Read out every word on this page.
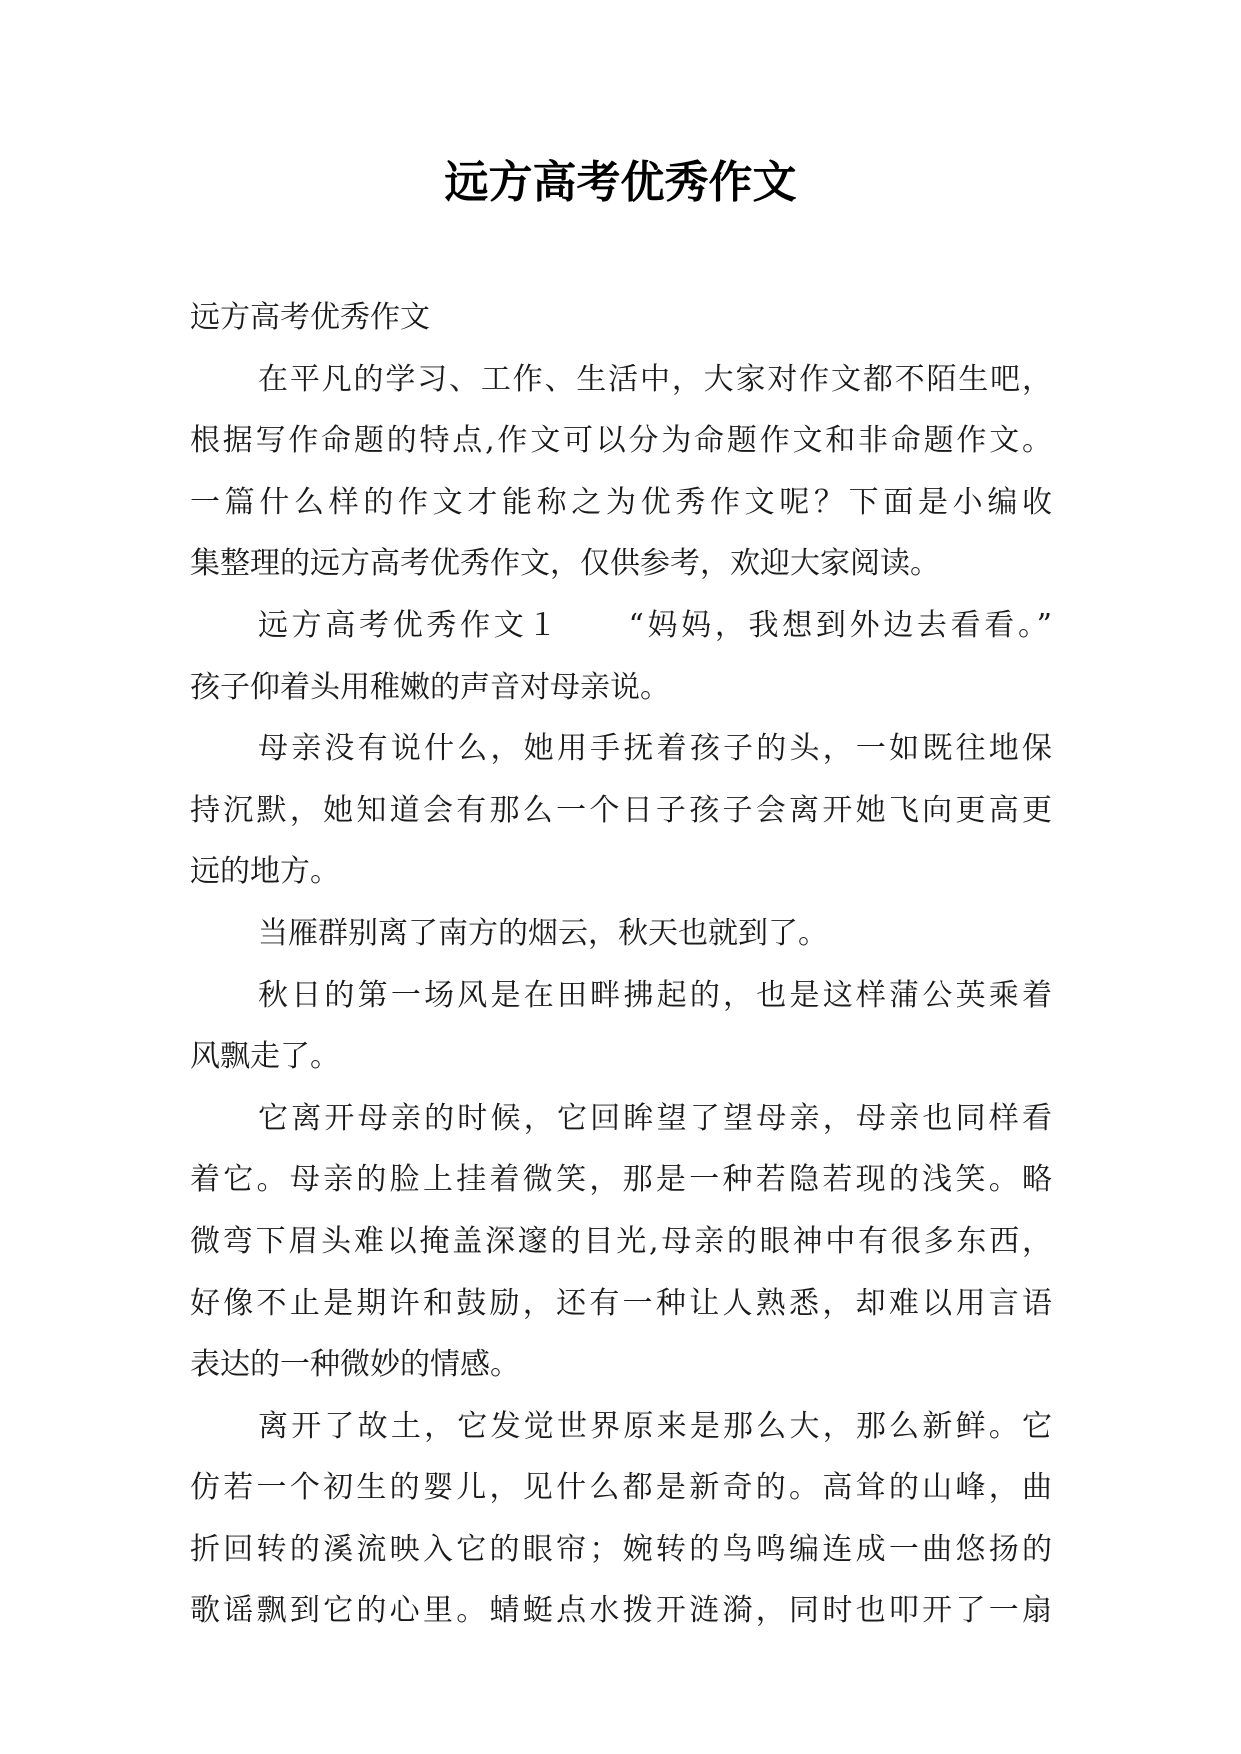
远方高考优秀作文
远方高考优秀作文
在平凡的学习、工作、生活中，大家对作文都不陌生吧，
根据写作命题的特点,作文可以分为命题作文和非命题作文。
一篇什么样的作文才能称之为优秀作文呢？下面是小编收
集整理的远方高考优秀作文，仅供参考，欢迎大家阅读。
远方高考优秀作文１　　“妈妈，我想到外边去看看。”
孩子仰着头用稚嫩的声音对母亲说。
母亲没有说什么，她用手抚着孩子的头，一如既往地保
持沉默，她知道会有那么一个日子孩子会离开她飞向更高更
远的地方。
当雁群别离了南方的烟云，秋天也就到了。
秋日的第一场风是在田畔拂起的，也是这样蒲公英乘着
风飘走了。
它离开母亲的时候，它回眸望了望母亲，母亲也同样看
着它。母亲的脸上挂着微笑，那是一种若隐若现的浅笑。略
微弯下眉头难以掩盖深邃的目光,母亲的眼神中有很多东西，
好像不止是期许和鼓励，还有一种让人熟悉，却难以用言语
表达的一种微妙的情感。
离开了故土，它发觉世界原来是那么大，那么新鲜。它
仿若一个初生的婴儿，见什么都是新奇的。高耸的山峰，曲
折回转的溪流映入它的眼帘；婉转的鸟鸣编连成一曲悠扬的
歌谣飘到它的心里。蜻蜓点水拨开涟漪，同时也叩开了一扇
